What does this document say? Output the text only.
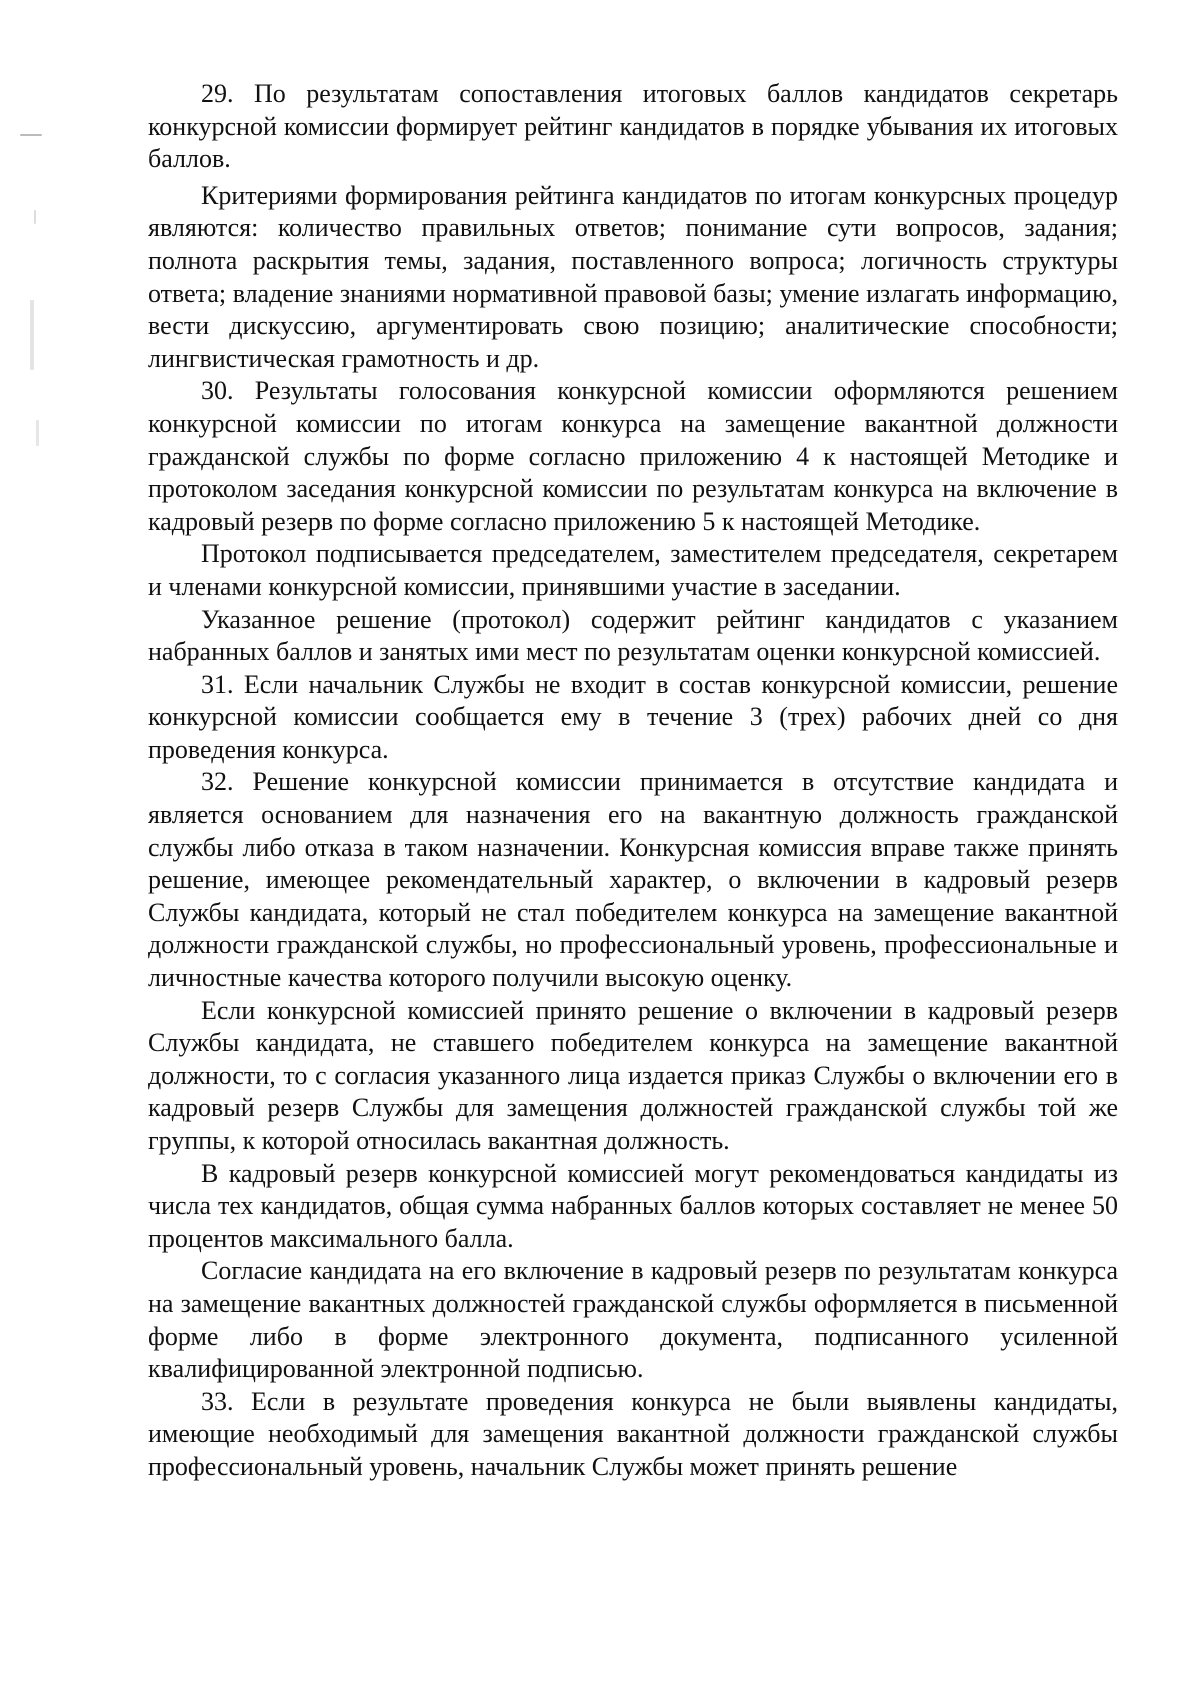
29. По результатам сопоставления итоговых баллов кандидатов секретарь конкурсной комиссии формирует рейтинг кандидатов в порядке убывания их итоговых баллов.

Критериями формирования рейтинга кандидатов по итогам конкурсных процедур являются: количество правильных ответов; понимание сути вопросов, задания; полнота раскрытия темы, задания, поставленного вопроса; логичность структуры ответа; владение знаниями нормативной правовой базы; умение излагать информацию, вести дискуссию, аргументировать свою позицию; аналитические способности; лингвистическая грамотность и др.

30. Результаты голосования конкурсной комиссии оформляются решением конкурсной комиссии по итогам конкурса на замещение вакантной должности гражданской службы по форме согласно приложению 4 к настоящей Методике и протоколом заседания конкурсной комиссии по результатам конкурса на включение в кадровый резерв по форме согласно приложению 5 к настоящей Методике.

Протокол подписывается председателем, заместителем председателя, секретарем и членами конкурсной комиссии, принявшими участие в заседании.

Указанное решение (протокол) содержит рейтинг кандидатов с указанием набранных баллов и занятых ими мест по результатам оценки конкурсной комиссией.

31. Если начальник Службы не входит в состав конкурсной комиссии, решение конкурсной комиссии сообщается ему в течение 3 (трех) рабочих дней со дня проведения конкурса.

32. Решение конкурсной комиссии принимается в отсутствие кандидата и является основанием для назначения его на вакантную должность гражданской службы либо отказа в таком назначении. Конкурсная комиссия вправе также принять решение, имеющее рекомендательный характер, о включении в кадровый резерв Службы кандидата, который не стал победителем конкурса на замещение вакантной должности гражданской службы, но профессиональный уровень, профессиональные и личностные качества которого получили высокую оценку.

Если конкурсной комиссией принято решение о включении в кадровый резерв Службы кандидата, не ставшего победителем конкурса на замещение вакантной должности, то с согласия указанного лица издается приказ Службы о включении его в кадровый резерв Службы для замещения должностей гражданской службы той же группы, к которой относилась вакантная должность.

В кадровый резерв конкурсной комиссией могут рекомендоваться кандидаты из числа тех кандидатов, общая сумма набранных баллов которых составляет не менее 50 процентов максимального балла.

Согласие кандидата на его включение в кадровый резерв по результатам конкурса на замещение вакантных должностей гражданской службы оформляется в письменной форме либо в форме электронного документа, подписанного усиленной квалифицированной электронной подписью.

33. Если в результате проведения конкурса не были выявлены кандидаты, имеющие необходимый для замещения вакантной должности гражданской службы профессиональный уровень, начальник Службы может принять решение
